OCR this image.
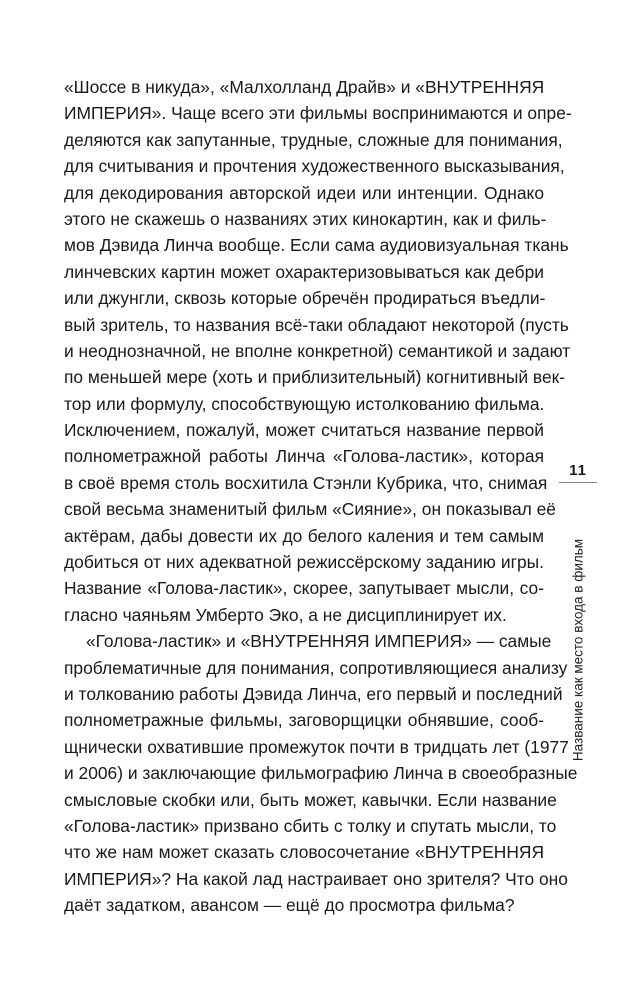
«Шоссе в никуда», «Малхолланд Драйв» и «ВНУТРЕННЯЯ
ИМПЕРИЯ». Чаще всего эти фильмы воспринимаются и опре-
деляются как запутанные, трудные, сложные для понимания,
для считывания и прочтения художественного высказывания,
для декодирования авторской идеи или интенции. Однако
этого не скажешь о названиях этих кинокартин, как и филь-
мов Дэвида Линча вообще. Если сама аудиовизуальная ткань
линчевских картин может охарактеризовываться как дебри
или джунгли, сквозь которые обречён продираться въедли-
вый зритель, то названия всё-таки обладают некоторой (пусть
и неоднозначной, не вполне конкретной) семантикой и задают
по меньшей мере (хоть и приблизительный) когнитивный век-
тор или формулу, способствующую истолкованию фильма.
Исключением, пожалуй, может считаться название первой
полнометражной работы Линча «Голова-ластик», которая
в своё время столь восхитила Стэнли Кубрика, что, снимая
свой весьма знаменитый фильм «Сияние», он показывал её
актёрам, дабы довести их до белого каления и тем самым
добиться от них адекватной режиссёрскому заданию игры.
Название «Голова-ластик», скорее, запутывает мысли, со-
гласно чаяньям Умберто Эко, а не дисциплинирует их.
«Голова-ластик» и «ВНУТРЕННЯЯ ИМПЕРИЯ» — самые
проблематичные для понимания, сопротивляющиеся анализу
и толкованию работы Дэвида Линча, его первый и последний
полнометражные фильмы, заговорщицки обнявшие, сооб-
щнически охватившие промежуток почти в тридцать лет (1977
и 2006) и заключающие фильмографию Линча в своеобразные
смысловые скобки или, быть может, кавычки. Если название
«Голова-ластик» призвано сбить с толку и спутать мысли, то
что же нам может сказать словосочетание «ВНУТРЕННЯЯ
ИМПЕРИЯ»? На какой лад настраивает оно зрителя? Что оно
даёт задатком, авансом — ещё до просмотра фильма?
11
Название как место входа в фильм
